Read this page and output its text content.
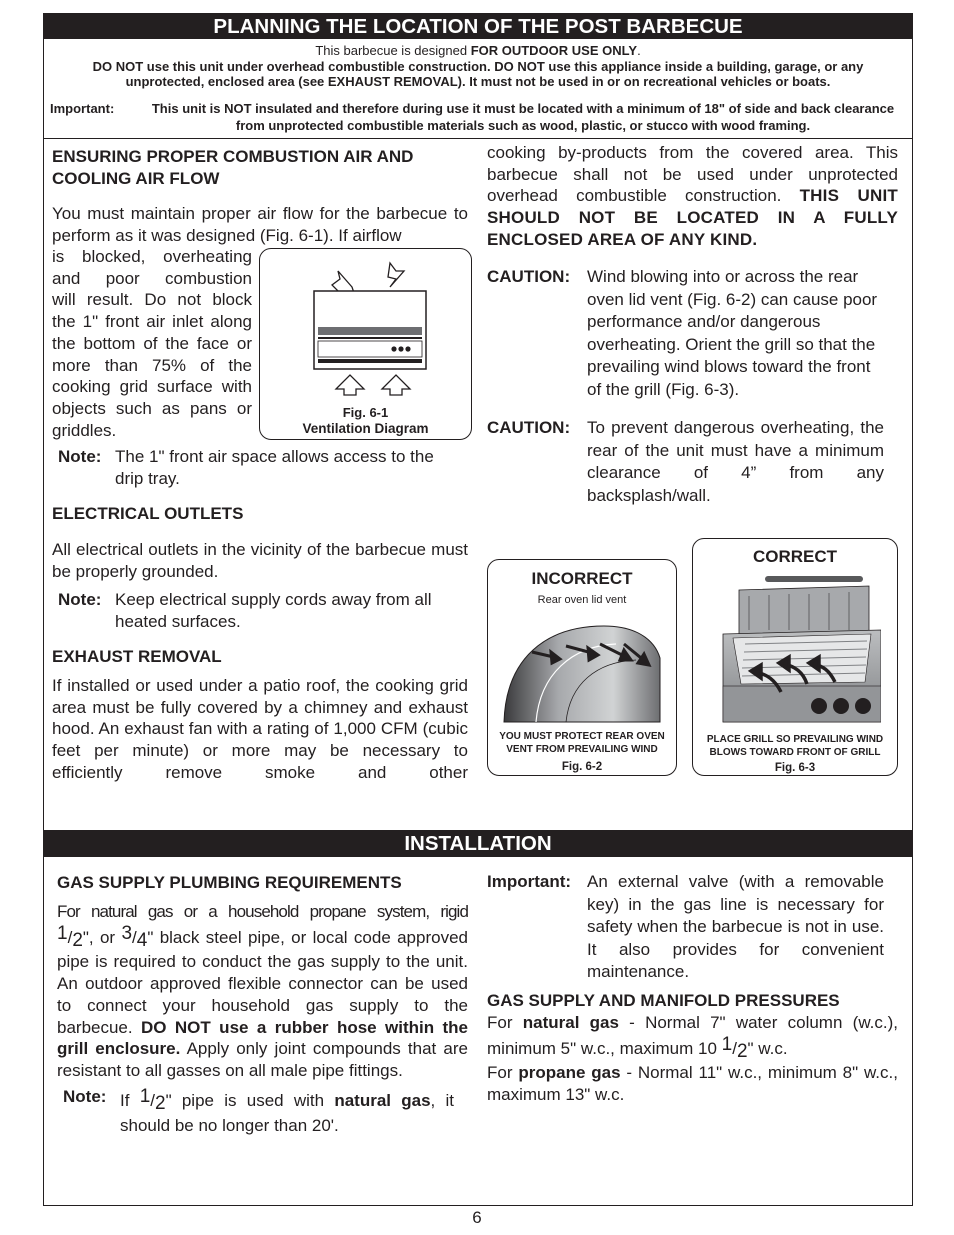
PLANNING THE LOCATION OF THE POST BARBECUE
This barbecue is designed FOR OUTDOOR USE ONLY.
DO NOT use this unit under overhead combustible construction. DO NOT use this appliance inside a building, garage, or any unprotected, enclosed area (see EXHAUST REMOVAL). It must not be used in or on recreational vehicles or boats.
Important:	This unit is NOT insulated and therefore during use it must be located with a minimum of 18" of side and back clearance from unprotected combustible materials such as wood, plastic, or stucco with wood framing.
ENSURING PROPER COMBUSTION AIR AND COOLING AIR FLOW
You must maintain proper air flow for the barbecue to perform as it was designed (Fig. 6-1). If airflow
is blocked, overheating
and poor combustion
will result. Do not block
the 1" front air inlet along
the bottom of the face or
more than 75% of the
cooking grid surface with
objects such as pans or
griddles.
Fig. 6-1
Ventilation Diagram
Note: The 1" front air space allows access to the drip tray.
ELECTRICAL OUTLETS
All electrical outlets in the vicinity of the barbecue must be properly grounded.
Note: Keep electrical supply cords away from all heated surfaces.
EXHAUST REMOVAL
If installed or used under a patio roof, the cooking grid area must be fully covered by a chimney and exhaust hood. An exhaust fan with a rating of 1,000 CFM (cubic feet per minute) or more may be necessary to efficiently remove smoke and other
cooking by-products from the covered area. This barbecue shall not be used under unprotected overhead combustible construction. THIS UNIT SHOULD NOT BE LOCATED IN A FULLY ENCLOSED AREA OF ANY KIND.
CAUTION: Wind blowing into or across the rear oven lid vent (Fig. 6-2) can cause poor performance and/or dangerous overheating. Orient the grill so that the prevailing wind blows toward the front of the grill (Fig. 6-3).
CAUTION: To prevent dangerous overheating, the rear of the unit must have a minimum clearance of 4” from any backsplash/wall.
INCORRECT
Rear oven lid vent
YOU MUST PROTECT REAR OVEN
VENT FROM PREVAILING WIND
Fig. 6-2
CORRECT
PLACE GRILL SO PREVAILING WIND
BLOWS TOWARD FRONT OF GRILL
Fig. 6-3
INSTALLATION
GAS SUPPLY PLUMBING REQUIREMENTS
For natural gas or a household propane system, rigid
1/2", or 3/4" black steel pipe, or local code approved
pipe is required to conduct the gas supply to the unit. An outdoor approved flexible connector can be used to connect your household gas supply to the barbecue. DO NOT use a rubber hose within the grill enclosure. Apply only joint compounds that are resistant to all gasses on all male pipe fittings.
Note: If 1/2" pipe is used with natural gas, it should be no longer than 20'.
Important: An external valve (with a removable key) in the gas line is necessary for safety when the barbecue is not in use. It also provides for convenient maintenance.
GAS SUPPLY AND MANIFOLD PRESSURES
For natural gas - Normal 7" water column (w.c.), minimum 5" w.c., maximum 10 1/2" w.c.
For propane gas - Normal 11" w.c., minimum 8" w.c., maximum 13" w.c.
6
